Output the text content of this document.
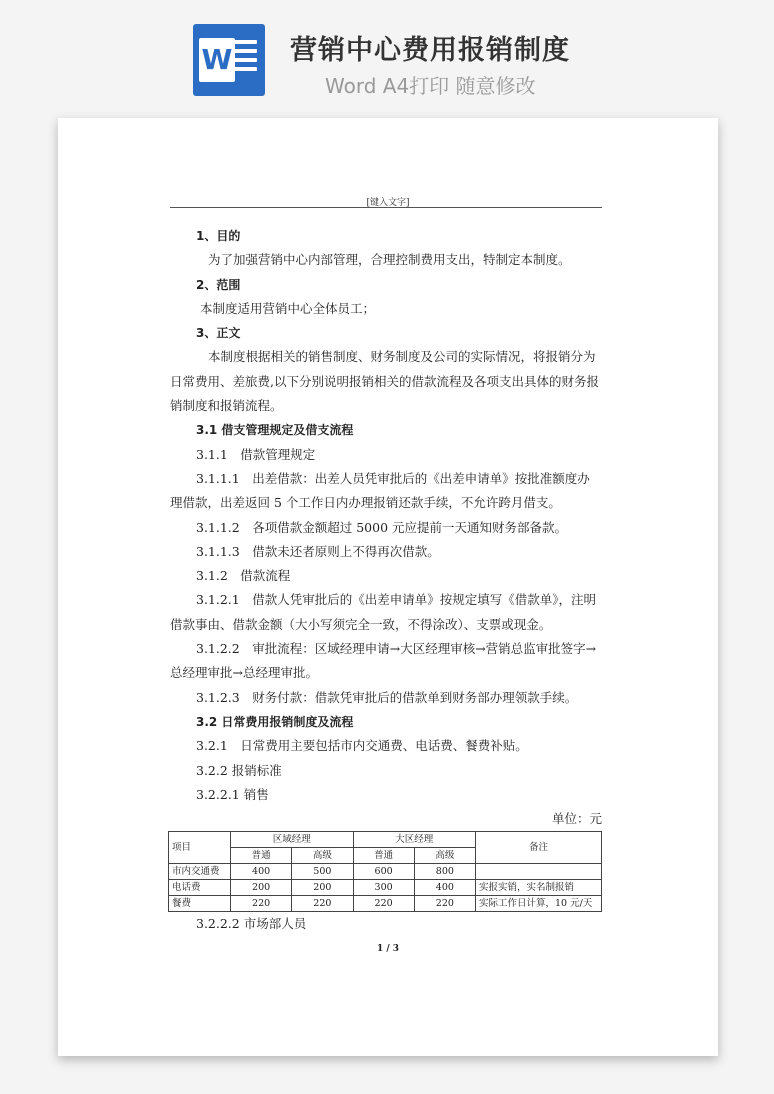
W 营销中心费用报销制度
Word A4打印 随意修改
[键入文字]

1、目的

为了加强营销中心内部管理，合理控制费用支出，特制定本制度。

2、范围

本制度适用营销中心全体员工；

3、正文

本制度根据相关的销售制度、财务制度及公司的实际情况，将报销分为日常费用、差旅费,以下分别说明报销相关的借款流程及各项支出具体的财务报销制度和报销流程。

3.1 借支管理规定及借支流程

3.1.1　借款管理规定

3.1.1.1　出差借款：出差人员凭审批后的《出差申请单》按批准额度办理借款，出差返回 5 个工作日内办理报销还款手续，不允许跨月借支。

3.1.1.2　各项借款金额超过 5000 元应提前一天通知财务部备款。

3.1.1.3　借款未还者原则上不得再次借款。

3.1.2　借款流程

3.1.2.1　借款人凭审批后的《出差申请单》按规定填写《借款单》，注明借款事由、借款金额（大小写须完全一致，不得涂改）、支票或现金。

3.1.2.2　审批流程：区域经理申请→大区经理审核→营销总监审批签字→总经理审批→总经理审批。

3.1.2.3　财务付款：借款凭审批后的借款单到财务部办理领款手续。

3.2 日常费用报销制度及流程

3.2.1　日常费用主要包括市内交通费、电话费、餐费补贴。

3.2.2 报销标准

3.2.2.1 销售

单位：元

项目	区域经理		大区经理		备注
	普通	高级	普通	高级	
市内交通费	400	500	600	800	
电话费	200	200	300	400	实报实销，实名制报销
餐费	220	220	220	220	实际工作日计算，10 元/天

3.2.2.2 市场部人员

1 / 3
